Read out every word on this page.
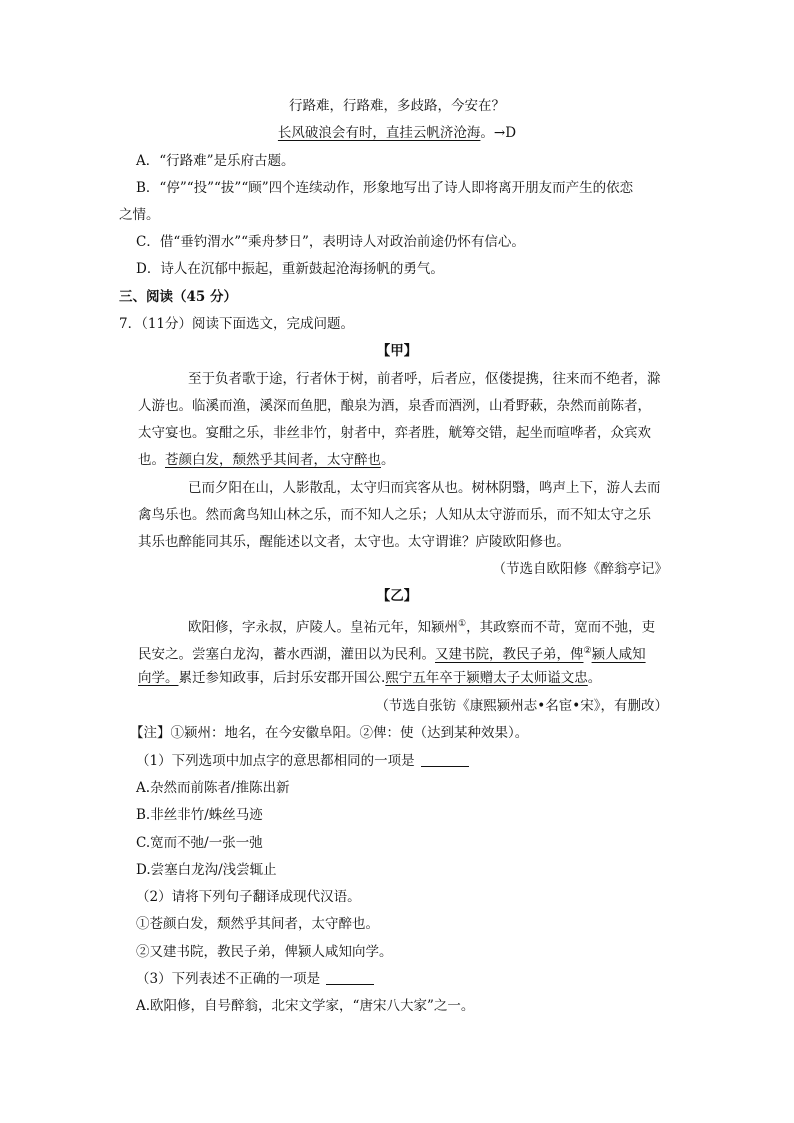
行路难，行路难，多歧路，今安在？
长风破浪会有时，直挂云帆济沧海。→D
A．“行路难”是乐府古题。
B．“停”“投”“拔”“顾”四个连续动作，形象地写出了诗人即将离开朋友而产生的依恋
之情。
C．借“垂钓渭水”“乘舟梦日”，表明诗人对政治前途仍怀有信心。
D．诗人在沉郁中振起，重新鼓起沧海扬帆的勇气。
三、阅读（45 分）
7．（11分）阅读下面选文，完成问题。
【甲】
至于负者歌于途，行者休于树，前者呼，后者应，伛偻提携，往来而不绝者，滁
人游也。临溪而渔，溪深而鱼肥，酿泉为酒，泉香而酒洌，山肴野蔌，杂然而前陈者，
太守宴也。宴酣之乐，非丝非竹，射者中，弈者胜，觥筹交错，起坐而喧哗者，众宾欢
也。苍颜白发，颓然乎其间者，太守醉也。
已而夕阳在山，人影散乱，太守归而宾客从也。树林阴翳，鸣声上下，游人去而
禽鸟乐也。然而禽鸟知山林之乐，而不知人之乐；人知从太守游而乐，而不知太守之乐
其乐也醉能同其乐，醒能述以文者，太守也。太守谓谁？庐陵欧阳修也。
（节选自欧阳修《醉翁亭记》
【乙】
欧阳修，字永叔，庐陵人。皇祐元年，知颍州①，其政察而不苛，宽而不弛，吏
民安之。尝塞白龙沟，蓄水西湖，灌田以为民利。又建书院，教民子弟，俾②颍人咸知
向学。累迁参知政事，后封乐安郡开国公.熙宁五年卒于颍赠太子太师谥文忠。
（节选自张钫《康熙颍州志•名宦•宋》，有删改）
【注】①颍州：地名，在今安徽阜阳。②俾：使（达到某种效果）。
（1）下列选项中加点字的意思都相同的一项是
A.杂然而前陈者/推陈出新
B.非丝非竹/蛛丝马迹
C.宽而不弛/一张一弛
D.尝塞白龙沟/浅尝辄止
（2）请将下列句子翻译成现代汉语。
①苍颜白发，颓然乎其间者，太守醉也。
②又建书院，教民子弟，俾颍人咸知向学。
（3）下列表述不正确的一项是
A.欧阳修，自号醉翁，北宋文学家，“唐宋八大家”之一。
